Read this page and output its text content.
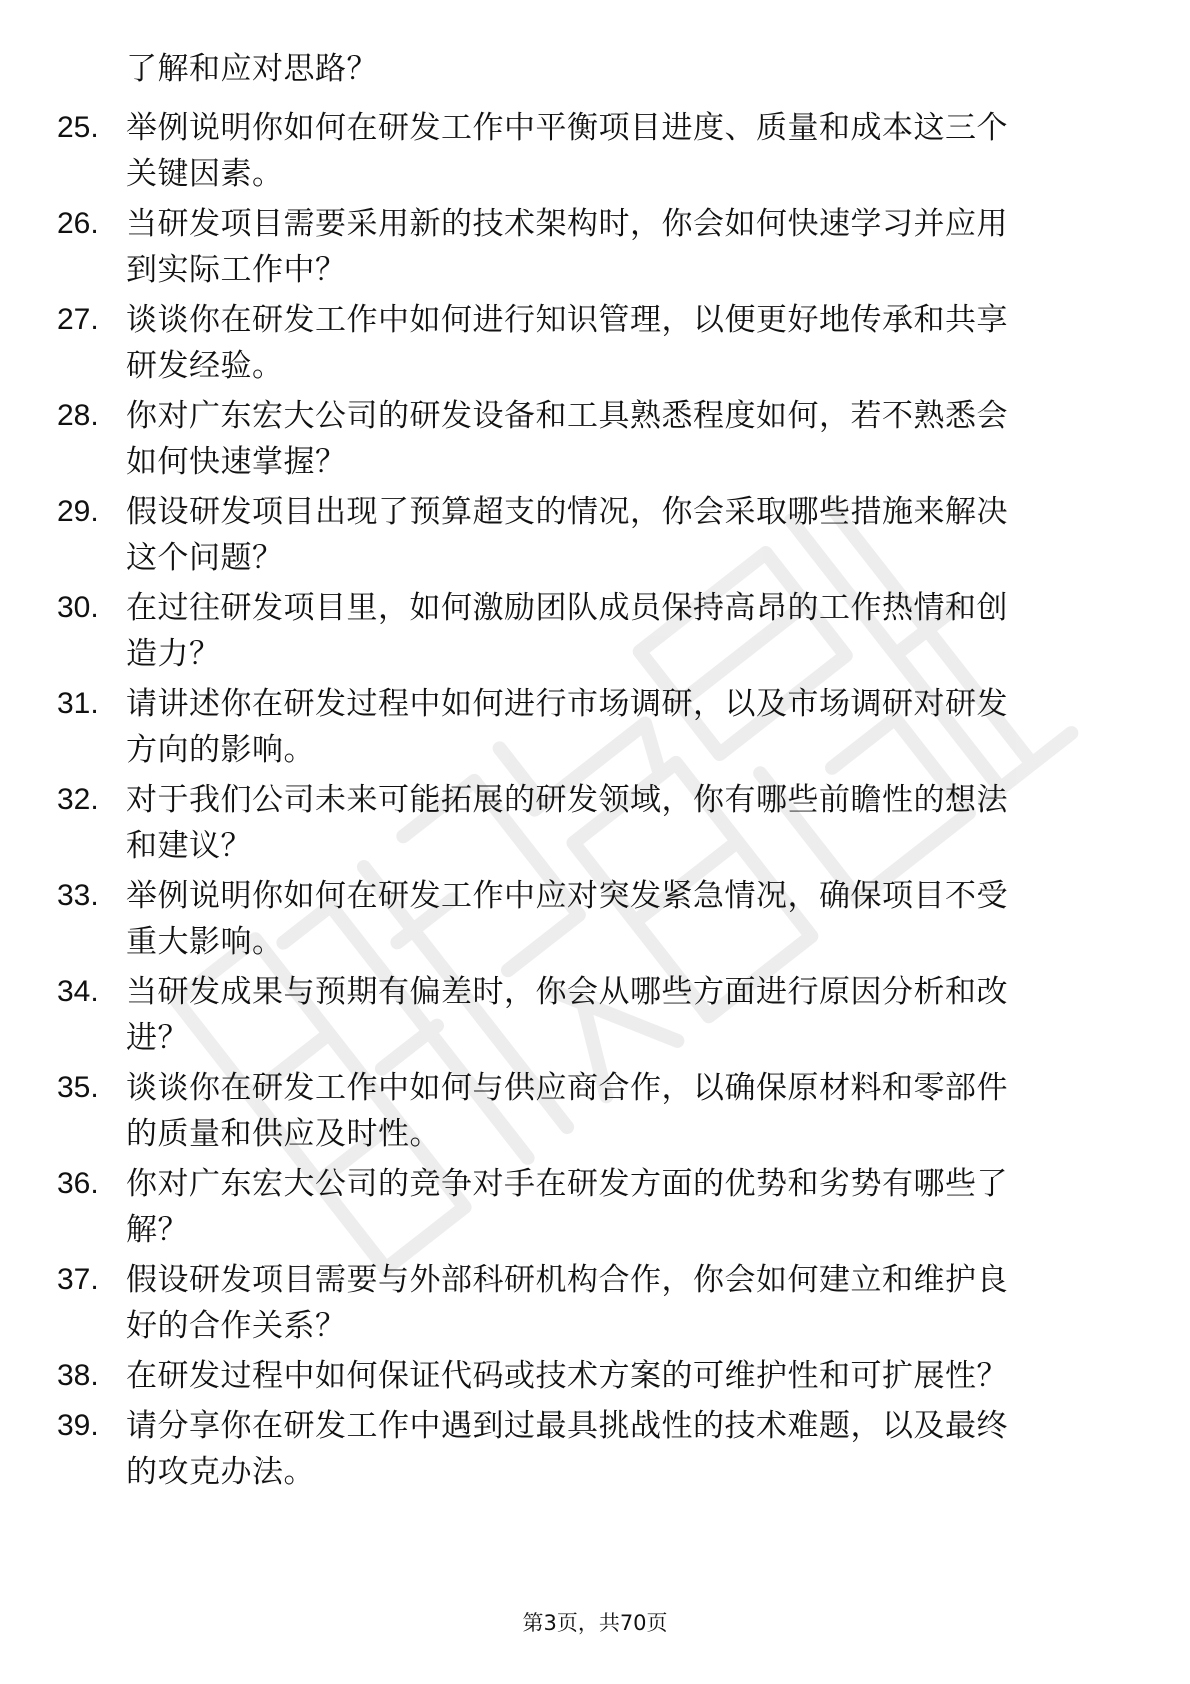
了解和应对思路？
25. 举例说明你如何在研发工作中平衡项目进度、质量和成本这三个
关键因素。
26. 当研发项目需要采用新的技术架构时，你会如何快速学习并应用
到实际工作中？
27. 谈谈你在研发工作中如何进行知识管理，以便更好地传承和共享
研发经验。
28. 你对广东宏大公司的研发设备和工具熟悉程度如何，若不熟悉会
如何快速掌握？
29. 假设研发项目出现了预算超支的情况，你会采取哪些措施来解决
这个问题？
30. 在过往研发项目里，如何激励团队成员保持高昂的工作热情和创
造力？
31. 请讲述你在研发过程中如何进行市场调研，以及市场调研对研发
方向的影响。
32. 对于我们公司未来可能拓展的研发领域，你有哪些前瞻性的想法
和建议？
33. 举例说明你如何在研发工作中应对突发紧急情况，确保项目不受
重大影响。
34. 当研发成果与预期有偏差时，你会从哪些方面进行原因分析和改
进？
35. 谈谈你在研发工作中如何与供应商合作，以确保原材料和零部件
的质量和供应及时性。
36. 你对广东宏大公司的竞争对手在研发方面的优势和劣势有哪些了
解？
37. 假设研发项目需要与外部科研机构合作，你会如何建立和维护良
好的合作关系？
38. 在研发过程中如何保证代码或技术方案的可维护性和可扩展性？
39. 请分享你在研发工作中遇到过最具挑战性的技术难题，以及最终
的攻克办法。
第3页，共70页
